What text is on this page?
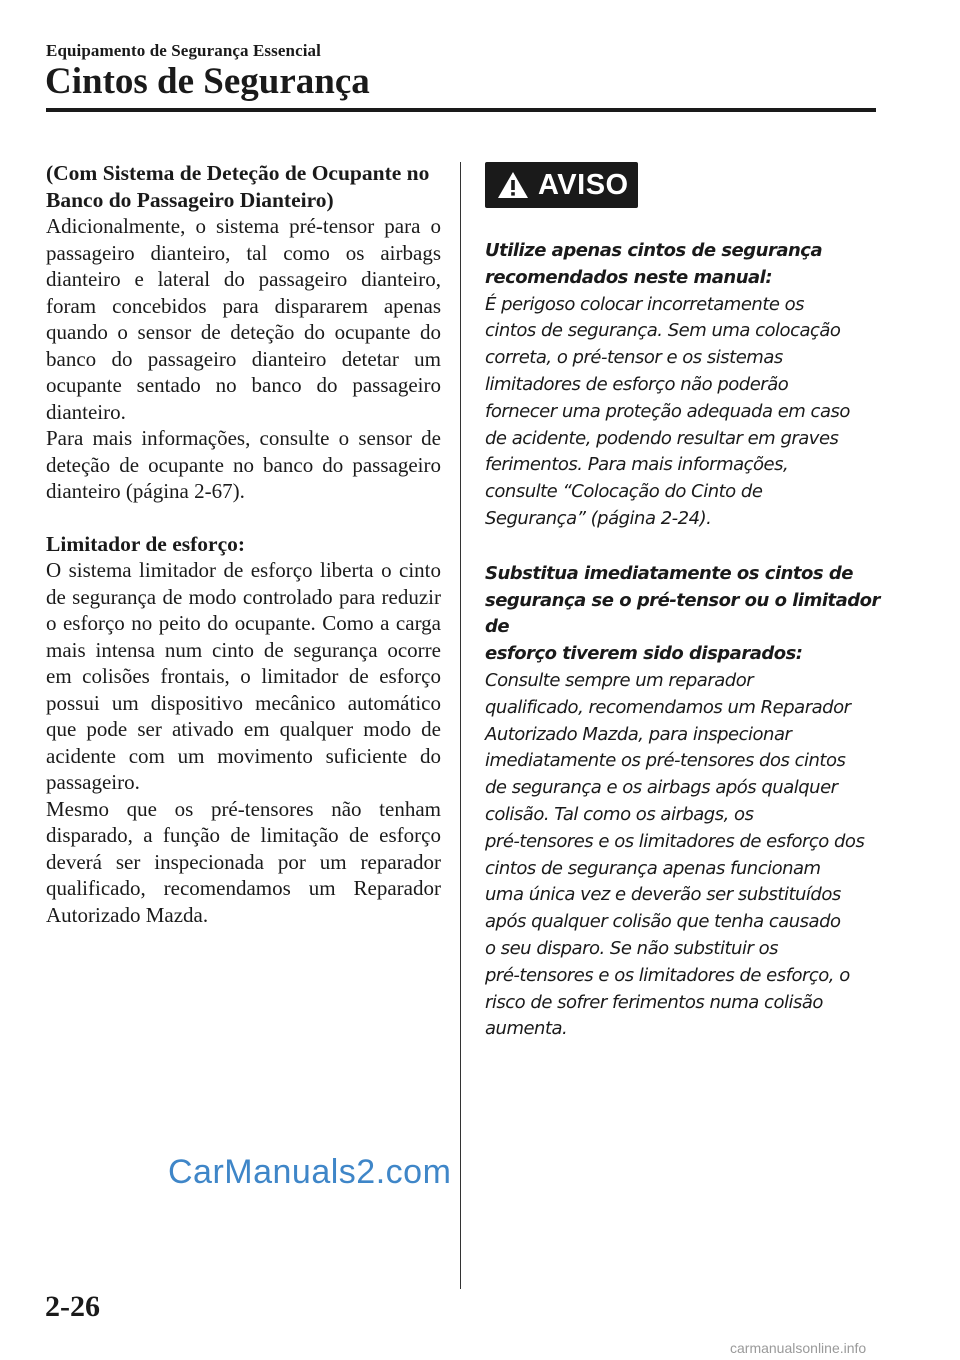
Equipamento de Segurança Essencial
Cintos de Segurança

(Com Sistema de Deteção de Ocupante no Banco do Passageiro Dianteiro)

Adicionalmente, o sistema pré-tensor para o passageiro dianteiro, tal como os airbags dianteiro e lateral do passageiro dianteiro, foram concebidos para dispararem apenas quando o sensor de deteção do ocupante do banco do passageiro dianteiro detetar um ocupante sentado no banco do passageiro dianteiro.
Para mais informações, consulte o sensor de deteção de ocupante no banco do passageiro dianteiro (página 2-67).

Limitador de esforço:

O sistema limitador de esforço liberta o cinto de segurança de modo controlado para reduzir o esforço no peito do ocupante. Como a carga mais intensa num cinto de segurança ocorre em colisões frontais, o limitador de esforço possui um dispositivo mecânico automático que pode ser ativado em qualquer modo de acidente com um movimento suficiente do passageiro.
Mesmo que os pré-tensores não tenham disparado, a função de limitação de esforço deverá ser inspecionada por um reparador qualificado, recomendamos um Reparador Autorizado Mazda.

AVISO

Utilize apenas cintos de segurança
recomendados neste manual:

É perigoso colocar incorretamente os
cintos de segurança. Sem uma colocação
correta, o pré-tensor e os sistemas
limitadores de esforço não poderão
fornecer uma proteção adequada em caso
de acidente, podendo resultar em graves
ferimentos. Para mais informações,
consulte “Colocação do Cinto de
Segurança” (página 2-24).

Substitua imediatamente os cintos de
segurança se o pré-tensor ou o limitador de
esforço tiverem sido disparados:

Consulte sempre um reparador
qualificado, recomendamos um Reparador
Autorizado Mazda, para inspecionar
imediatamente os pré-tensores dos cintos
de segurança e os airbags após qualquer
colisão. Tal como os airbags, os
pré-tensores e os limitadores de esforço dos
cintos de segurança apenas funcionam
uma única vez e deverão ser substituídos
após qualquer colisão que tenha causado
o seu disparo. Se não substituir os
pré-tensores e os limitadores de esforço, o
risco de sofrer ferimentos numa colisão
aumenta.

CarManuals2.com
2-26
carmanualsonline.info
